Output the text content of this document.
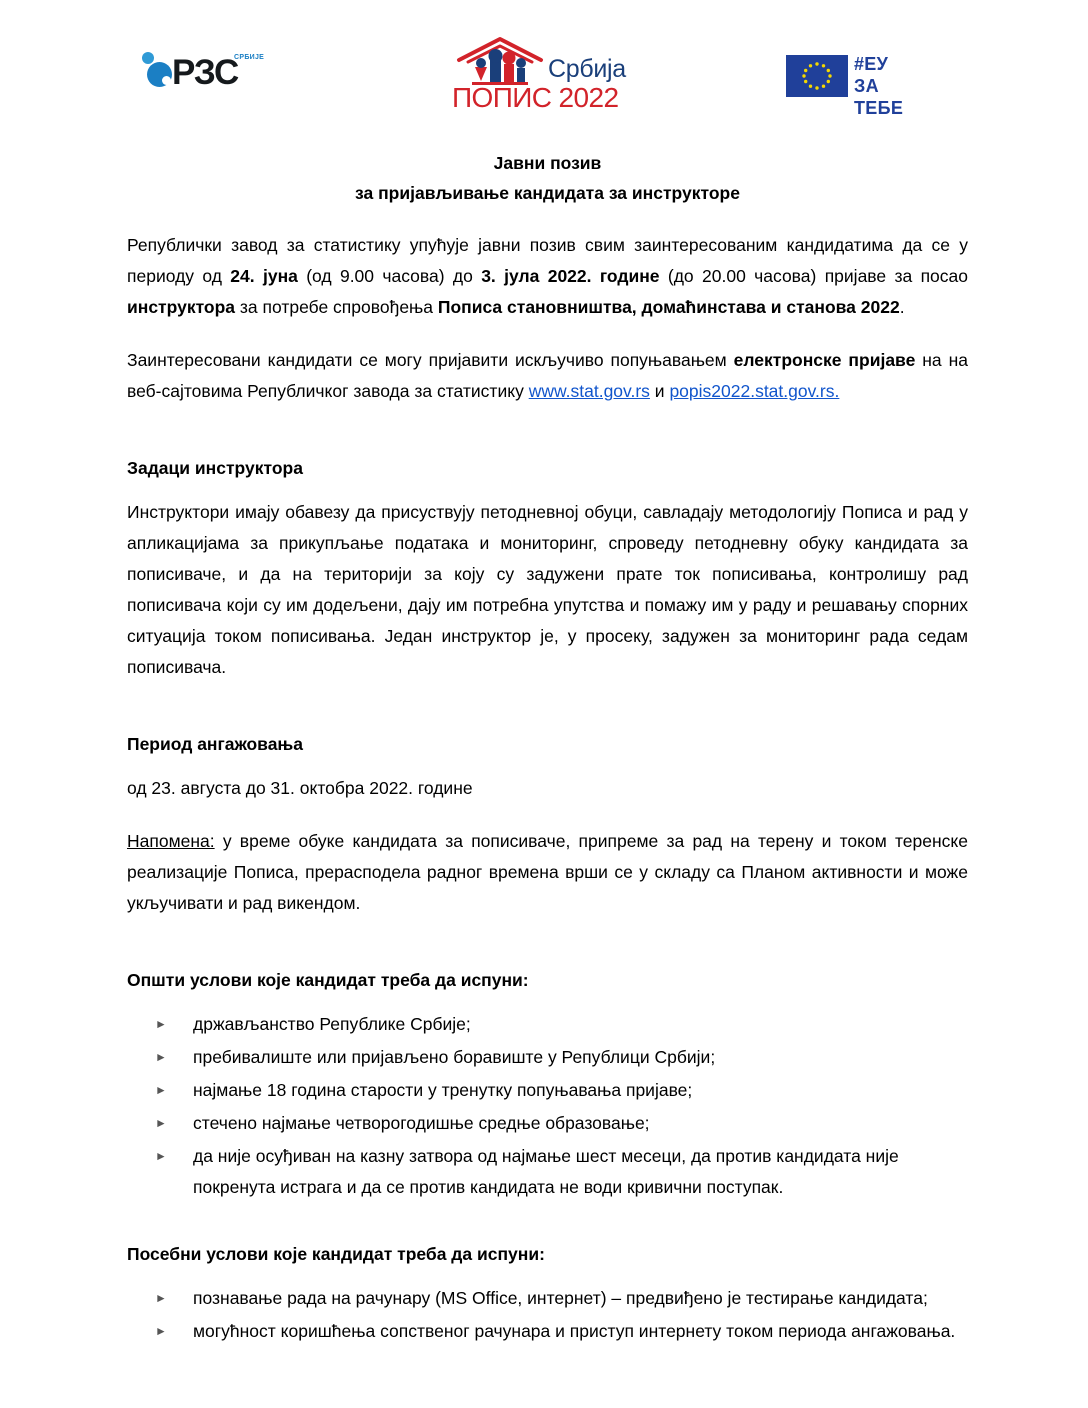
РЗС
СРБИЈЕ	Србија
ПОПИС 2022
#ЕУ
ЗА ТЕБЕ
Јавни позив
за пријављивање кандидата за инструкторе

Републички завод за статистику упућује јавни позив свим заинтересованим кандидатима да се у периоду од 24. јуна (од 9.00 часова) до 3. јула 2022. године (до 20.00 часова) пријаве за посао инструктора за потребе спровођења Пописа становништва, домаћинстава и станова 2022.

Заинтересовани кандидати се могу пријавити искључиво попуњавањем електронске пријаве на на веб-сајтовима Републичког завода за статистику www.stat.gov.rs и popis2022.stat.gov.rs.

Задаци инструктора

Инструктори имају обавезу да присуствују петодневној обуци, савладају методологију Пописа и рад у апликацијама за прикупљање података и мониторинг, спроведу петодневну обуку кандидата за пописиваче, и да на територији за коју су задужени прате ток пописивања, контролишу рад пописивача који су им додељени, дају им потребна упутства и помажу им у раду и решавању спорних ситуација током пописивања. Један инструктор је, у просеку, задужен за мониторинг рада седам пописивача.

Период ангажовања

од 23. августа до 31. октобра 2022. године

Напомена: у време обуке кандидата за пописиваче, припреме за рад на терену и током теренске реализације Пописа, прерасподела радног времена врши се у складу са Планом активности и може укључивати и рад викендом.

Општи услови које кандидат треба да испуни:
► држављанство Републике Србије;
► пребивалиште или пријављено боравиште у Републици Србији;
► најмање 18 година старости у тренутку попуњавања пријаве;
► стечено најмање четворогодишње средње образовање;
► да није осуђиван на казну затвора од најмање шест месеци, да против кандидата није покренута истрага и да се против кандидата не води кривични поступак.
Посебни услови које кандидат треба да испуни:
► познавање рада на рачунару (MS Office, интернет) – предвиђено је тестирање кандидата;
► могућност коришћења сопственог рачунара и приступ интернету током периода ангажовања.
